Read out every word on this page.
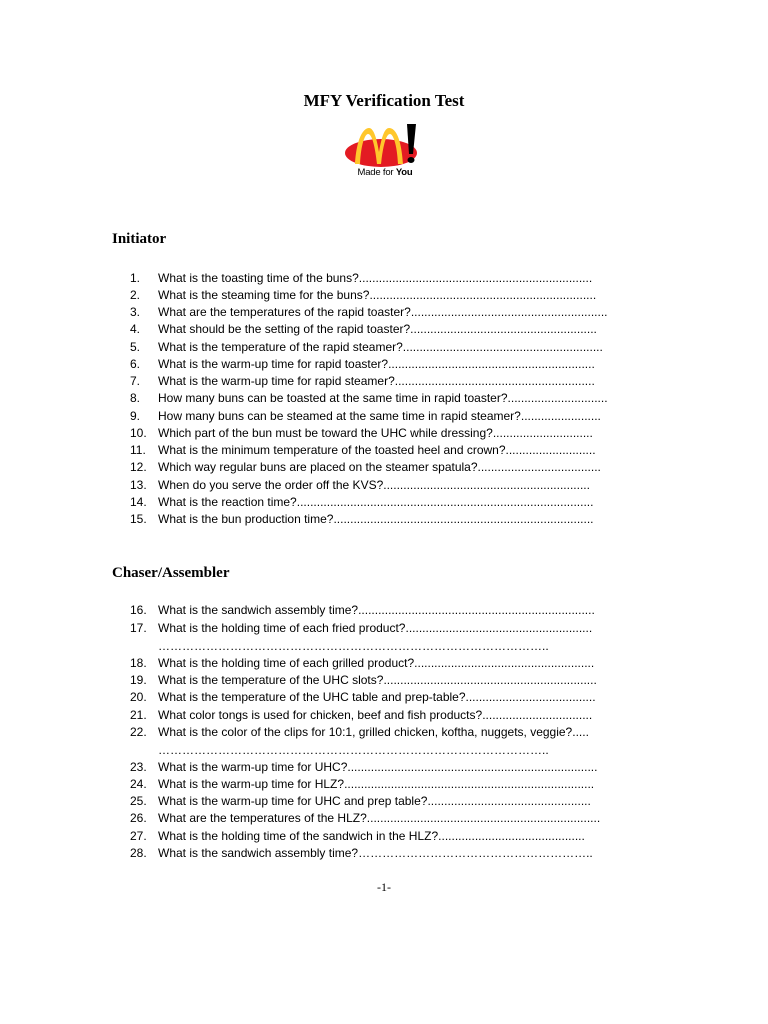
MFY Verification Test
Made for You
Initiator
1. What is the toasting time of the buns?......................................................................
2. What is the steaming time for the buns?....................................................................
3. What are the temperatures of the rapid toaster?...........................................................
4. What should be the setting of the rapid toaster?........................................................
5. What is the temperature of the rapid steamer?............................................................
6. What is the warm-up time for rapid toaster?..............................................................
7. What is the warm-up time for rapid steamer?............................................................
8. How many buns can be toasted at the same time in rapid toaster?..............................
9. How many buns can be steamed at the same time in rapid steamer?........................
10. Which part of the bun must be toward the UHC while dressing?..............................
11. What is the minimum temperature of the toasted heel and crown?...........................
12. Which way regular buns are placed on the steamer spatula?.....................................
13. When do you serve the order off the KVS?..............................................................
14. What is the reaction time?.........................................................................................
15. What is the bun production time?..............................................................................
Chaser/Assembler
16. What is the sandwich assembly time?.......................................................................
17. What is the holding time of each fried product?........................................................
……………………………………………………………………………………..
18. What is the holding time of each grilled product?......................................................
19. What is the temperature of the UHC slots?................................................................
20. What is the temperature of the UHC table and prep-table?.......................................
21. What color tongs is used for chicken, beef and fish products?.................................
22. What is the color of the clips for 10:1, grilled chicken, koftha, nuggets, veggie?.....
……………………………………………………………………………………..
23. What is the warm-up time for UHC?...........................................................................
24. What is the warm-up time for HLZ?...........................................................................
25. What is the warm-up time for UHC and prep table?.................................................
26. What are the temperatures of the HLZ?......................................................................
27. What is the holding time of the sandwich in the HLZ?............................................
28. What is the sandwich assembly time?…………………………………………………..
-1-
